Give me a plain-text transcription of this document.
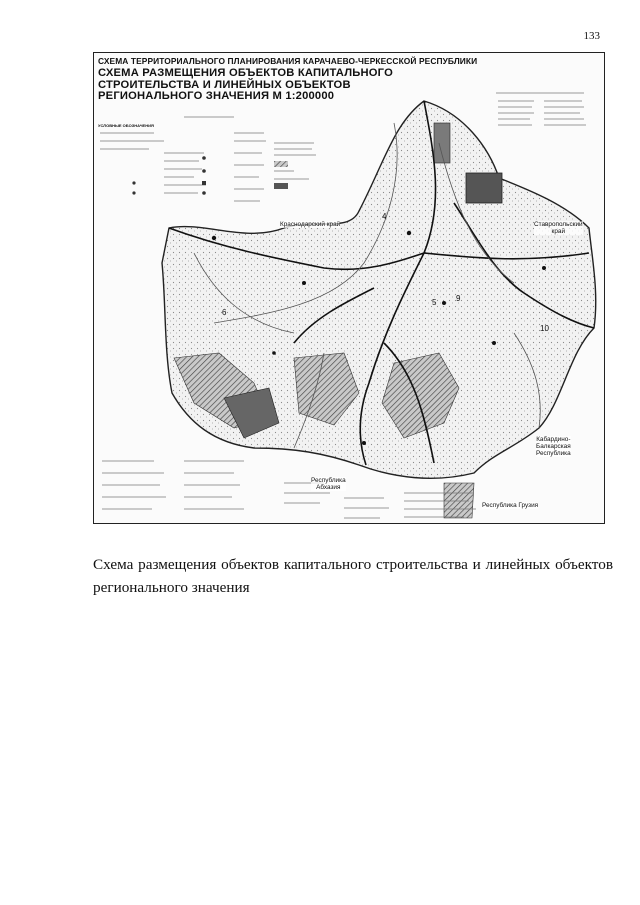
133
4
5
6
9
10
СХЕМА ТЕРРИТОРИАЛЬНОГО ПЛАНИРОВАНИЯ КАРАЧАЕВО-ЧЕРКЕССКОЙ РЕСПУБЛИКИ
СХЕМА РАЗМЕЩЕНИЯ ОБЪЕКТОВ КАПИТАЛЬНОГО
СТРОИТЕЛЬСТВА И ЛИНЕЙНЫХ ОБЪЕКТОВ
РЕГИОНАЛЬНОГО ЗНАЧЕНИЯ М 1:200000
УСЛОВНЫЕ ОБОЗНАЧЕНИЯ
Краснодарский край	Ставропольский
край
Кабардино-
Балкарская
Республика
Республика
Абхазия
Республика Грузия
Схема размещения объектов капитального строительства и линейных объектов регионального значения
